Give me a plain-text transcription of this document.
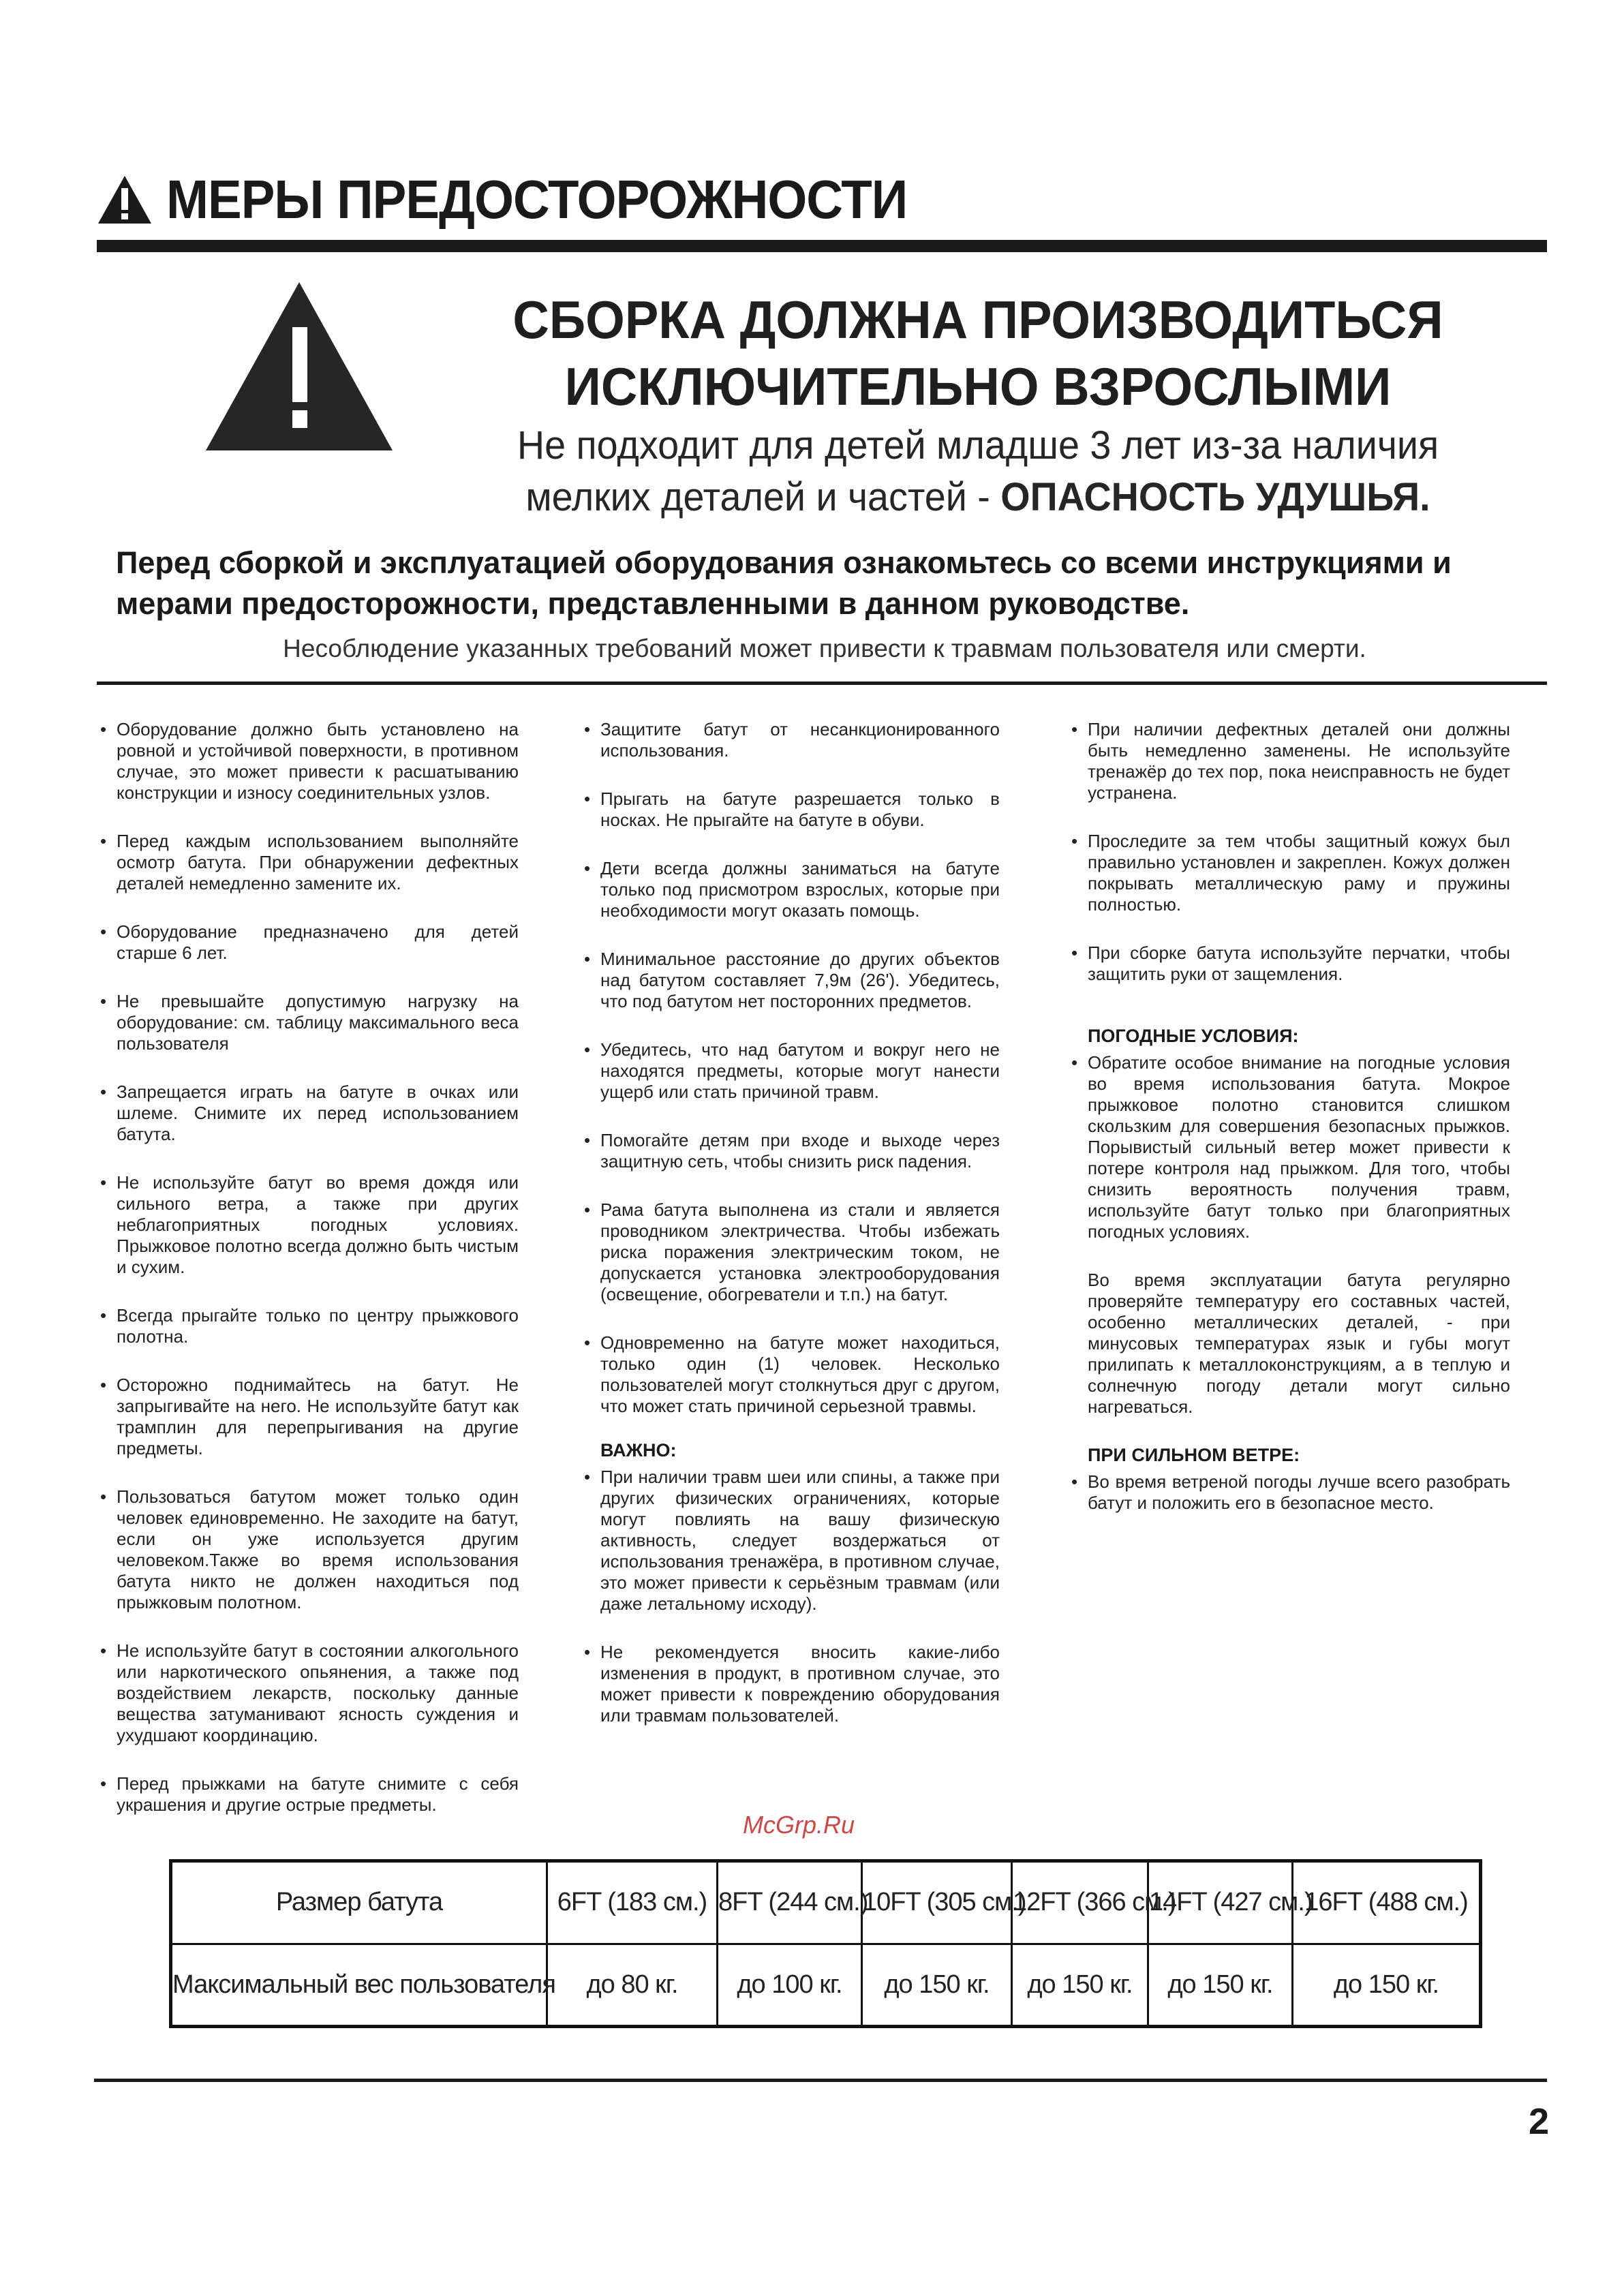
МЕРЫ ПРЕДОСТОРОЖНОСТИ
СБОРКА ДОЛЖНА ПРОИЗВОДИТЬСЯ
ИСКЛЮЧИТЕЛЬНО ВЗРОСЛЫМИ
Не подходит для детей младше 3 лет из-за наличия
мелких деталей и частей - ОПАСНОСТЬ УДУШЬЯ.
Перед сборкой и эксплуатацией оборудования ознакомьтесь со всеми инструкциями и мерами предосторожности, представленными в данном руководстве.
Несоблюдение указанных требований может привести к травмам пользователя или смерти.
• Оборудование должно быть установлено на ровной и устойчивой поверхности, в противном случае, это может привести к расшатыванию конструкции и износу соединительных узлов.
• Перед каждым использованием выполняйте осмотр батута. При обнаружении дефектных деталей немедленно замените их.
• Оборудование предназначено для детей старше 6 лет.
• Не превышайте допустимую нагрузку на оборудование: см. таблицу максимального веса пользователя
• Запрещается играть на батуте в очках или шлеме. Снимите их перед использованием батута.
• Не используйте батут во время дождя или сильного ветра, а также при других неблагоприятных погодных условиях. Прыжковое полотно всегда должно быть чистым и сухим.
• Всегда прыгайте только по центру прыжкового полотна.
• Осторожно поднимайтесь на батут. Не запрыгивайте на него. Не используйте батут как трамплин для перепрыгивания на другие предметы.
• Пользоваться батутом может только один человек единовременно. Не заходите на батут, если он уже используется другим человеком.Также во время использования батута никто не должен находиться под прыжковым полотном.
• Не используйте батут в состоянии алкогольного или наркотического опьянения, а также под воздействием лекарств, поскольку данные вещества затуманивают ясность суждения и ухудшают координацию.
• Перед прыжками на батуте снимите с себя украшения и другие острые предметы.
• Защитите батут от несанкционированного использования.
• Прыгать на батуте разрешается только в носках. Не прыгайте на батуте в обуви.
• Дети всегда должны заниматься на батуте только под присмотром взрослых, которые при необходимости могут оказать помощь.
• Минимальное расстояние до других объектов над батутом составляет 7,9м (26'). Убедитесь, что под батутом нет посторонних предметов.
• Убедитесь, что над батутом и вокруг него не находятся предметы, которые могут нанести ущерб или стать причиной травм.
• Помогайте детям при входе и выходе через защитную сеть, чтобы снизить риск падения.
• Рама батута выполнена из стали и является проводником электричества. Чтобы избежать риска поражения электрическим током, не допускается установка электрооборудования (освещение, обогреватели и т.п.) на батут.
• Одновременно на батуте может находиться, только один (1) человек. Несколько пользователей могут столкнуться друг с другом, что может стать причиной серьезной травмы.
ВАЖНО:
• При наличии травм шеи или спины, а также при других физических ограничениях, которые могут повлиять на вашу физическую активность, следует воздержаться от использования тренажёра, в противном случае, это может привести к серьёзным травмам (или даже летальному исходу).
• Не рекомендуется вносить какие-либо изменения в продукт, в противном случае, это может привести к повреждению оборудования или травмам пользователей.
• При наличии дефектных деталей они должны быть немедленно заменены. Не используйте тренажёр до тех пор, пока неисправность не будет устранена.
• Проследите за тем чтобы защитный кожух был правильно установлен и закреплен. Кожух должен покрывать металлическую раму и пружины полностью.
• При сборке батута используйте перчатки, чтобы защитить руки от защемления.
ПОГОДНЫЕ УСЛОВИЯ:
• Обратите особое внимание на погодные условия во время использования батута. Мокрое прыжковое полотно становится слишком скользким для совершения безопасных прыжков. Порывистый сильный ветер может привести к потере контроля над прыжком. Для того, чтобы снизить вероятность получения травм, используйте батут только при благоприятных погодных условиях.
Во время эксплуатации батута регулярно проверяйте температуру его составных частей, особенно металлических деталей, - при минусовых температурах язык и губы могут прилипать к металлоконструкциям, а в теплую и солнечную погоду детали могут сильно нагреваться.
ПРИ СИЛЬНОМ ВЕТРЕ:
• Во время ветреной погоды лучше всего разобрать батут и положить его в безопасное место.
McGrp.Ru
Размер батута	6FT (183 см.)	8FT (244 см.)	10FT (305 см.)	12FT (366 см.)	14FT (427 см.)	16FT (488 см.)
Максимальный вес пользователя	до 80 кг.	до 100 кг.	до 150 кг.	до 150 кг.	до 150 кг.	до 150 кг.
2
